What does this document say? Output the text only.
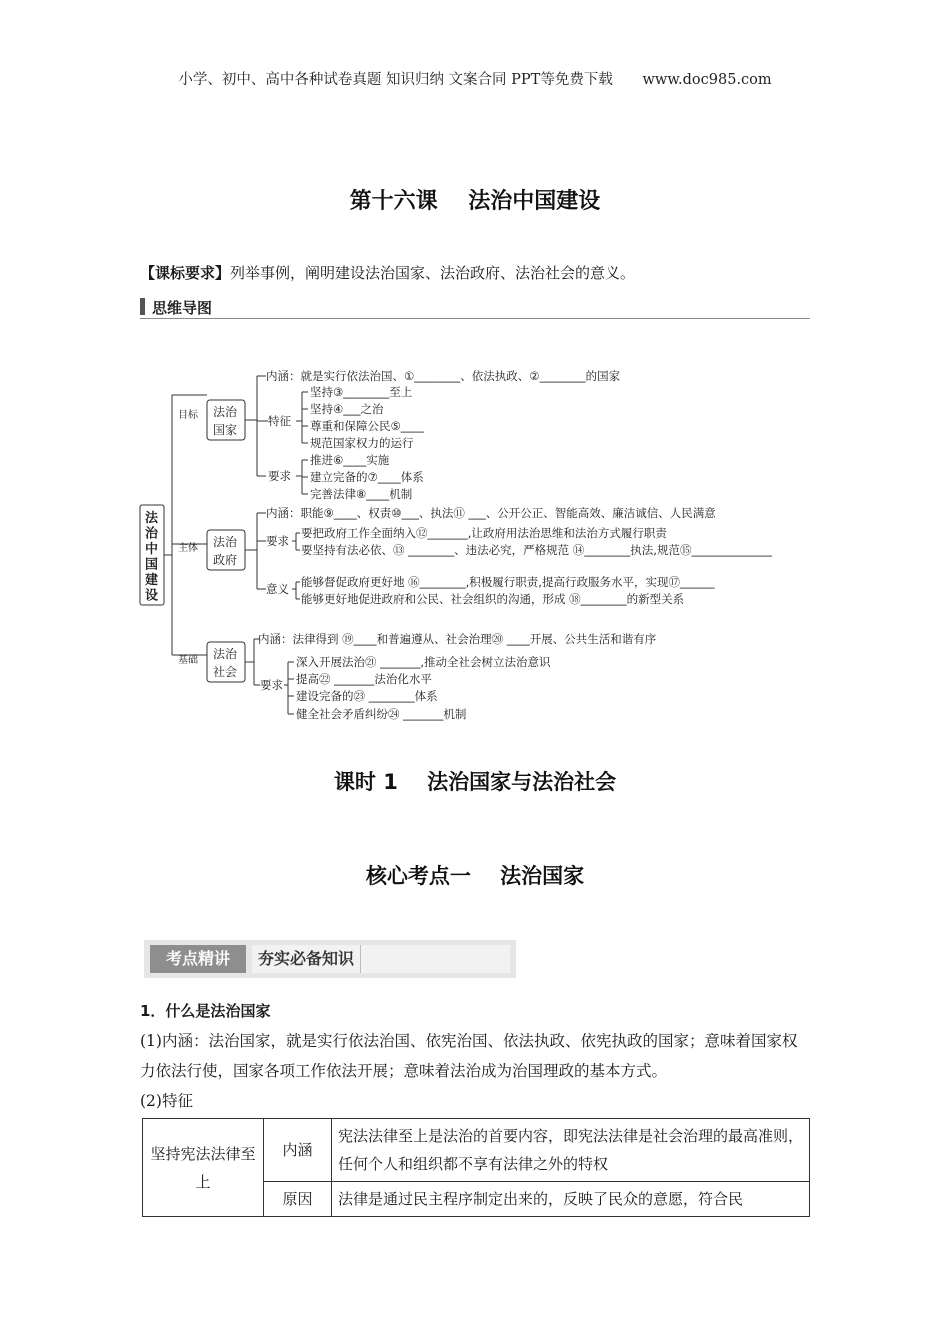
小学、初中、高中各种试卷真题 知识归纳 文案合同 PPT等免费下载 www.doc985.com
第十六课    法治中国建设
【课标要求】列举事例，阐明建设法治国家、法治政府、法治社会的意义。
思维导图
目标
主体
基础
法
治
中
国
建
设
法治
国家
法治
政府
法治
社会
内涵：就是实行依法治国、①________、依法执政、②________的国家
特征
坚持③________至上
坚持④___之治
尊重和保障公民⑤____
规范国家权力的运行
要求
推进⑥____实施
建立完备的⑦____体系
完善法律⑧____机制
内涵：职能⑨____、权责⑩___、执法⑪ ___、公开公正、智能高效、廉洁诚信、人民满意
要求
要把政府工作全面纳入⑫_______,让政府用法治思维和法治方式履行职责
要坚持有法必依、⑬ ________、违法必究，严格规范 ⑭________执法,规范⑮______________
意义 能够督促政府更好地 ⑯________,积极履行职责,提高行政服务水平，实现⑰______
能够更好地促进政府和公民、社会组织的沟通，形成 ⑱________的新型关系
内涵：法律得到 ⑲____和普遍遵从、社会治理⑳ ____开展、公共生活和谐有序
要求
深入开展法治㉑ _______,推动全社会树立法治意识
提高㉒ _______法治化水平
建设完备的㉓ ________体系
健全社会矛盾纠纷㉔ _______机制
课时 1    法治国家与法治社会
核心考点一    法治国家
考点精讲	夯实必备知识
1．什么是法治国家
(1)内涵：法治国家，就是实行依法治国、依宪治国、依法执政、依宪执政的国家；意味着国家权力依法行使，国家各项工作依法开展；意味着法治成为治国理政的基本方式。
(2)特征
坚持宪法法律至上	内涵	宪法法律至上是法治的首要内容，即宪法法律是社会治理的最高准则，任何个人和组织都不享有法律之外的特权
	原因	法律是通过民主程序制定出来的，反映了民众的意愿，符合民
